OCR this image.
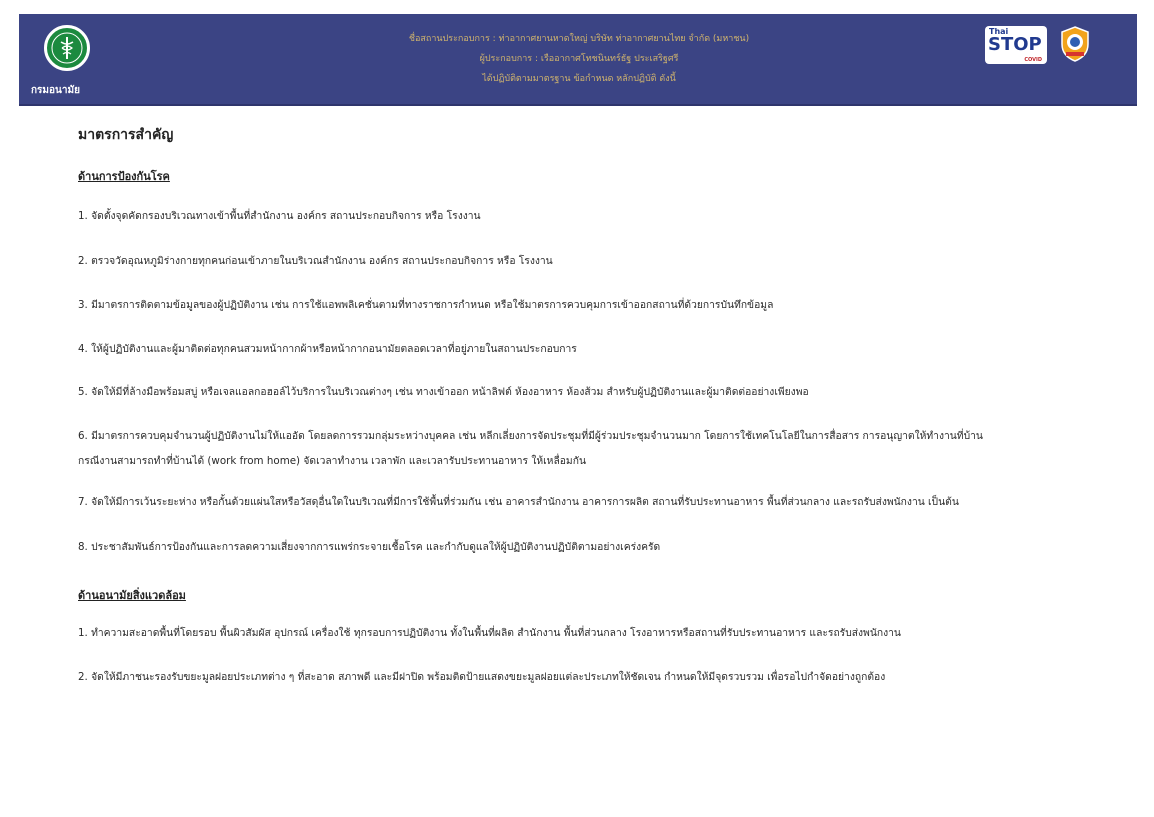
กรมอนามัย
ชื่อสถานประกอบการ : ท่าอากาศยานหาดใหญ่ บริษัท ท่าอากาศยานไทย จำกัด (มหาชน)
ผู้ประกอบการ : เรืออากาศโทชนินทร์ธัฐ ประเสริฐศรี
ได้ปฏิบัติตามมาตรฐาน ข้อกำหนด หลักปฏิบัติ ดังนี้
Thai
STOP
COVID
มาตรการสำคัญ
ด้านการป้องกันโรค
1. จัดตั้งจุดคัดกรองบริเวณทางเข้าพื้นที่สำนักงาน องค์กร สถานประกอบกิจการ หรือ โรงงาน
2. ตรวจวัดอุณหภูมิร่างกายทุกคนก่อนเข้าภายในบริเวณสำนักงาน องค์กร สถานประกอบกิจการ หรือ โรงงาน
3. มีมาตรการติดตามข้อมูลของผู้ปฏิบัติงาน เช่น การใช้แอพพลิเคชั่นตามที่ทางราชการกำหนด หรือใช้มาตรการควบคุมการเข้าออกสถานที่ด้วยการบันทึกข้อมูล
4. ให้ผู้ปฏิบัติงานและผู้มาติดต่อทุกคนสวมหน้ากากผ้าหรือหน้ากากอนามัยตลอดเวลาที่อยู่ภายในสถานประกอบการ
5. จัดให้มีที่ล้างมือพร้อมสบู่ หรือเจลแอลกอฮอล์ไว้บริการในบริเวณต่างๆ เช่น ทางเข้าออก หน้าลิฟต์ ห้องอาหาร ห้องส้วม สำหรับผู้ปฏิบัติงานและผู้มาติดต่ออย่างเพียงพอ
6. มีมาตรการควบคุมจำนวนผู้ปฏิบัติงานไม่ให้แออัด โดยลดการรวมกลุ่มระหว่างบุคคล เช่น หลีกเลี่ยงการจัดประชุมที่มีผู้ร่วมประชุมจำนวนมาก โดยการใช้เทคโนโลยีในการสื่อสาร การอนุญาตให้ทำงานที่บ้าน
กรณีงานสามารถทำที่บ้านได้ (work from home) จัดเวลาทำงาน เวลาพัก และเวลารับประทานอาหาร ให้เหลื่อมกัน
7. จัดให้มีการเว้นระยะห่าง หรือกั้นด้วยแผ่นใสหรือวัสดุอื่นใดในบริเวณที่มีการใช้พื้นที่ร่วมกัน เช่น อาคารสำนักงาน อาคารการผลิต สถานที่รับประทานอาหาร พื้นที่ส่วนกลาง และรถรับส่งพนักงาน เป็นต้น
8. ประชาสัมพันธ์การป้องกันและการลดความเสี่ยงจากการแพร่กระจายเชื้อโรค และกำกับดูแลให้ผู้ปฏิบัติงานปฏิบัติตามอย่างเคร่งครัด
ด้านอนามัยสิ่งแวดล้อม
1. ทำความสะอาดพื้นที่โดยรอบ พื้นผิวสัมผัส อุปกรณ์ เครื่องใช้ ทุกรอบการปฏิบัติงาน ทั้งในพื้นที่ผลิต สำนักงาน พื้นที่ส่วนกลาง โรงอาหารหรือสถานที่รับประทานอาหาร และรถรับส่งพนักงาน
2. จัดให้มีภาชนะรองรับขยะมูลฝอยประเภทต่าง ๆ ที่สะอาด สภาพดี และมีฝาปิด พร้อมติดป้ายแสดงขยะมูลฝอยแต่ละประเภทให้ชัดเจน กำหนดให้มีจุดรวบรวม เพื่อรอไปกำจัดอย่างถูกต้อง
